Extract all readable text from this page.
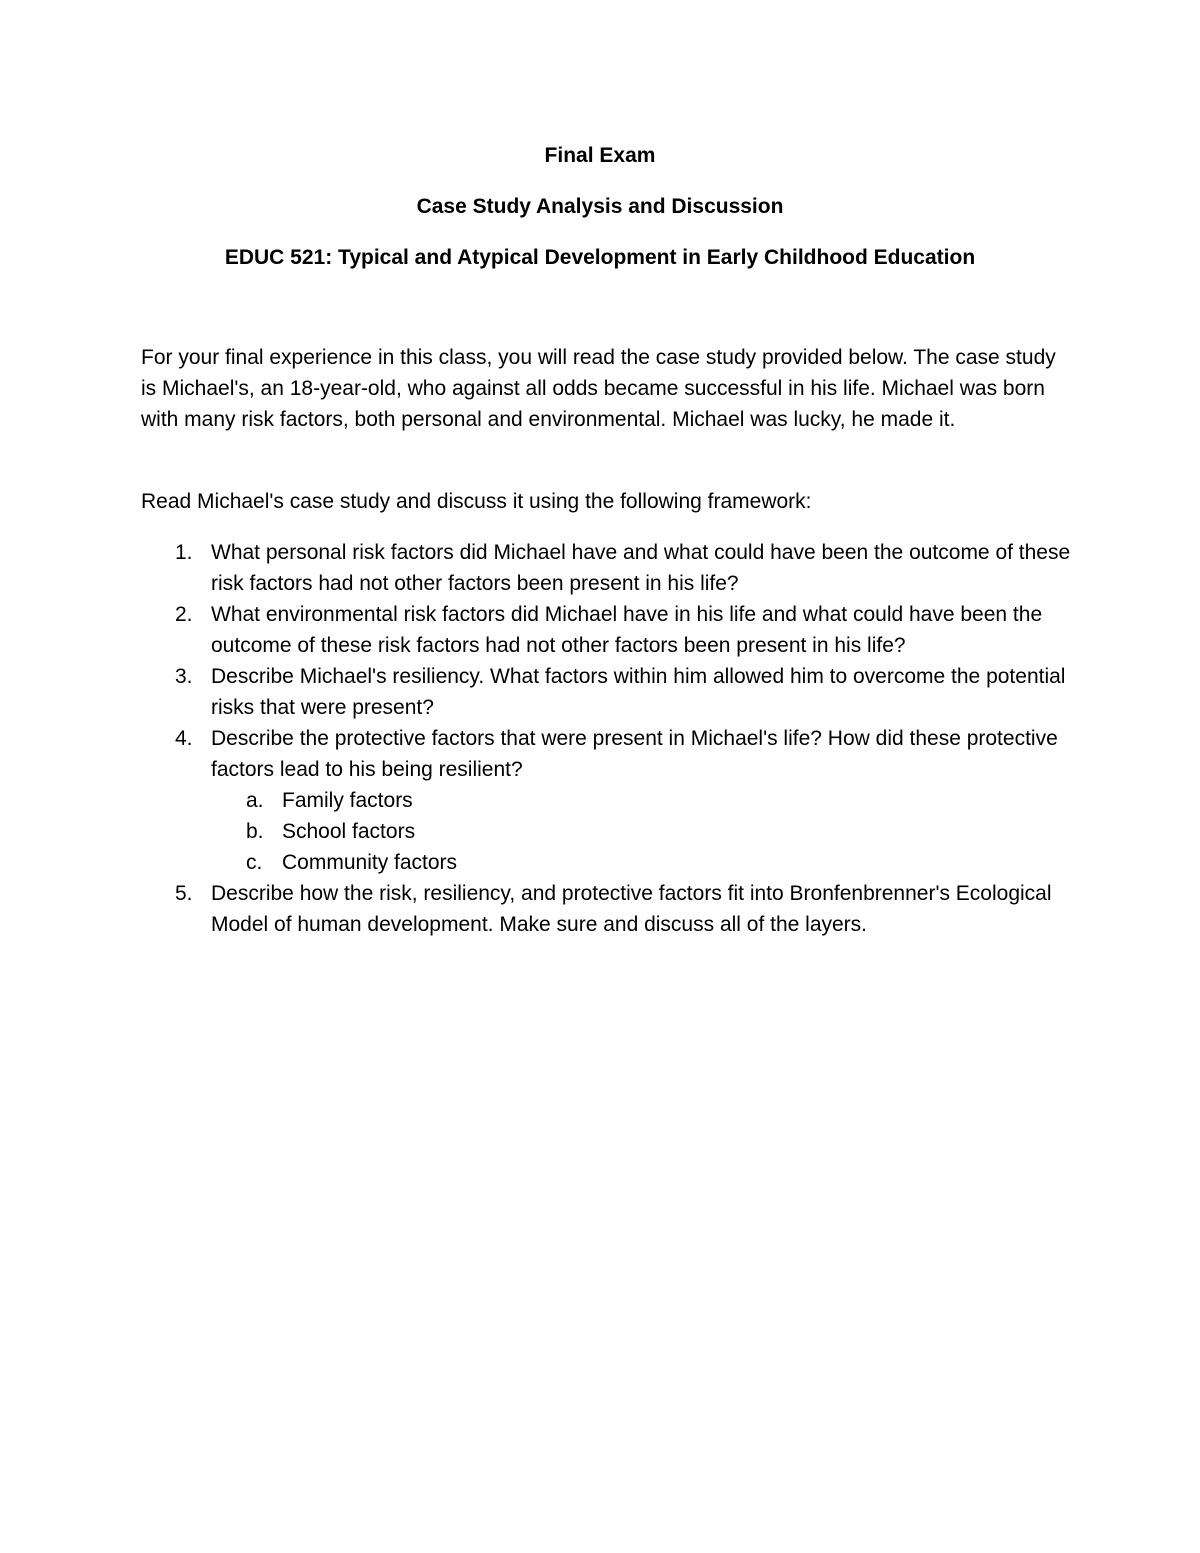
Final Exam

Case Study Analysis and Discussion

EDUC 521: Typical and Atypical Development in Early Childhood Education

For your final experience in this class, you will read the case study provided below. The case study is Michael's, an 18-year-old, who against all odds became successful in his life. Michael was born with many risk factors, both personal and environmental. Michael was lucky, he made it.

Read Michael's case study and discuss it using the following framework:

1. What personal risk factors did Michael have and what could have been the outcome of these risk factors had not other factors been present in his life?
2. What environmental risk factors did Michael have in his life and what could have been the outcome of these risk factors had not other factors been present in his life?
3. Describe Michael's resiliency. What factors within him allowed him to overcome the potential risks that were present?
4. Describe the protective factors that were present in Michael's life? How did these protective factors lead to his being resilient?
a. Family factors
b. School factors
c. Community factors
5. Describe how the risk, resiliency, and protective factors fit into Bronfenbrenner's Ecological Model of human development. Make sure and discuss all of the layers.
